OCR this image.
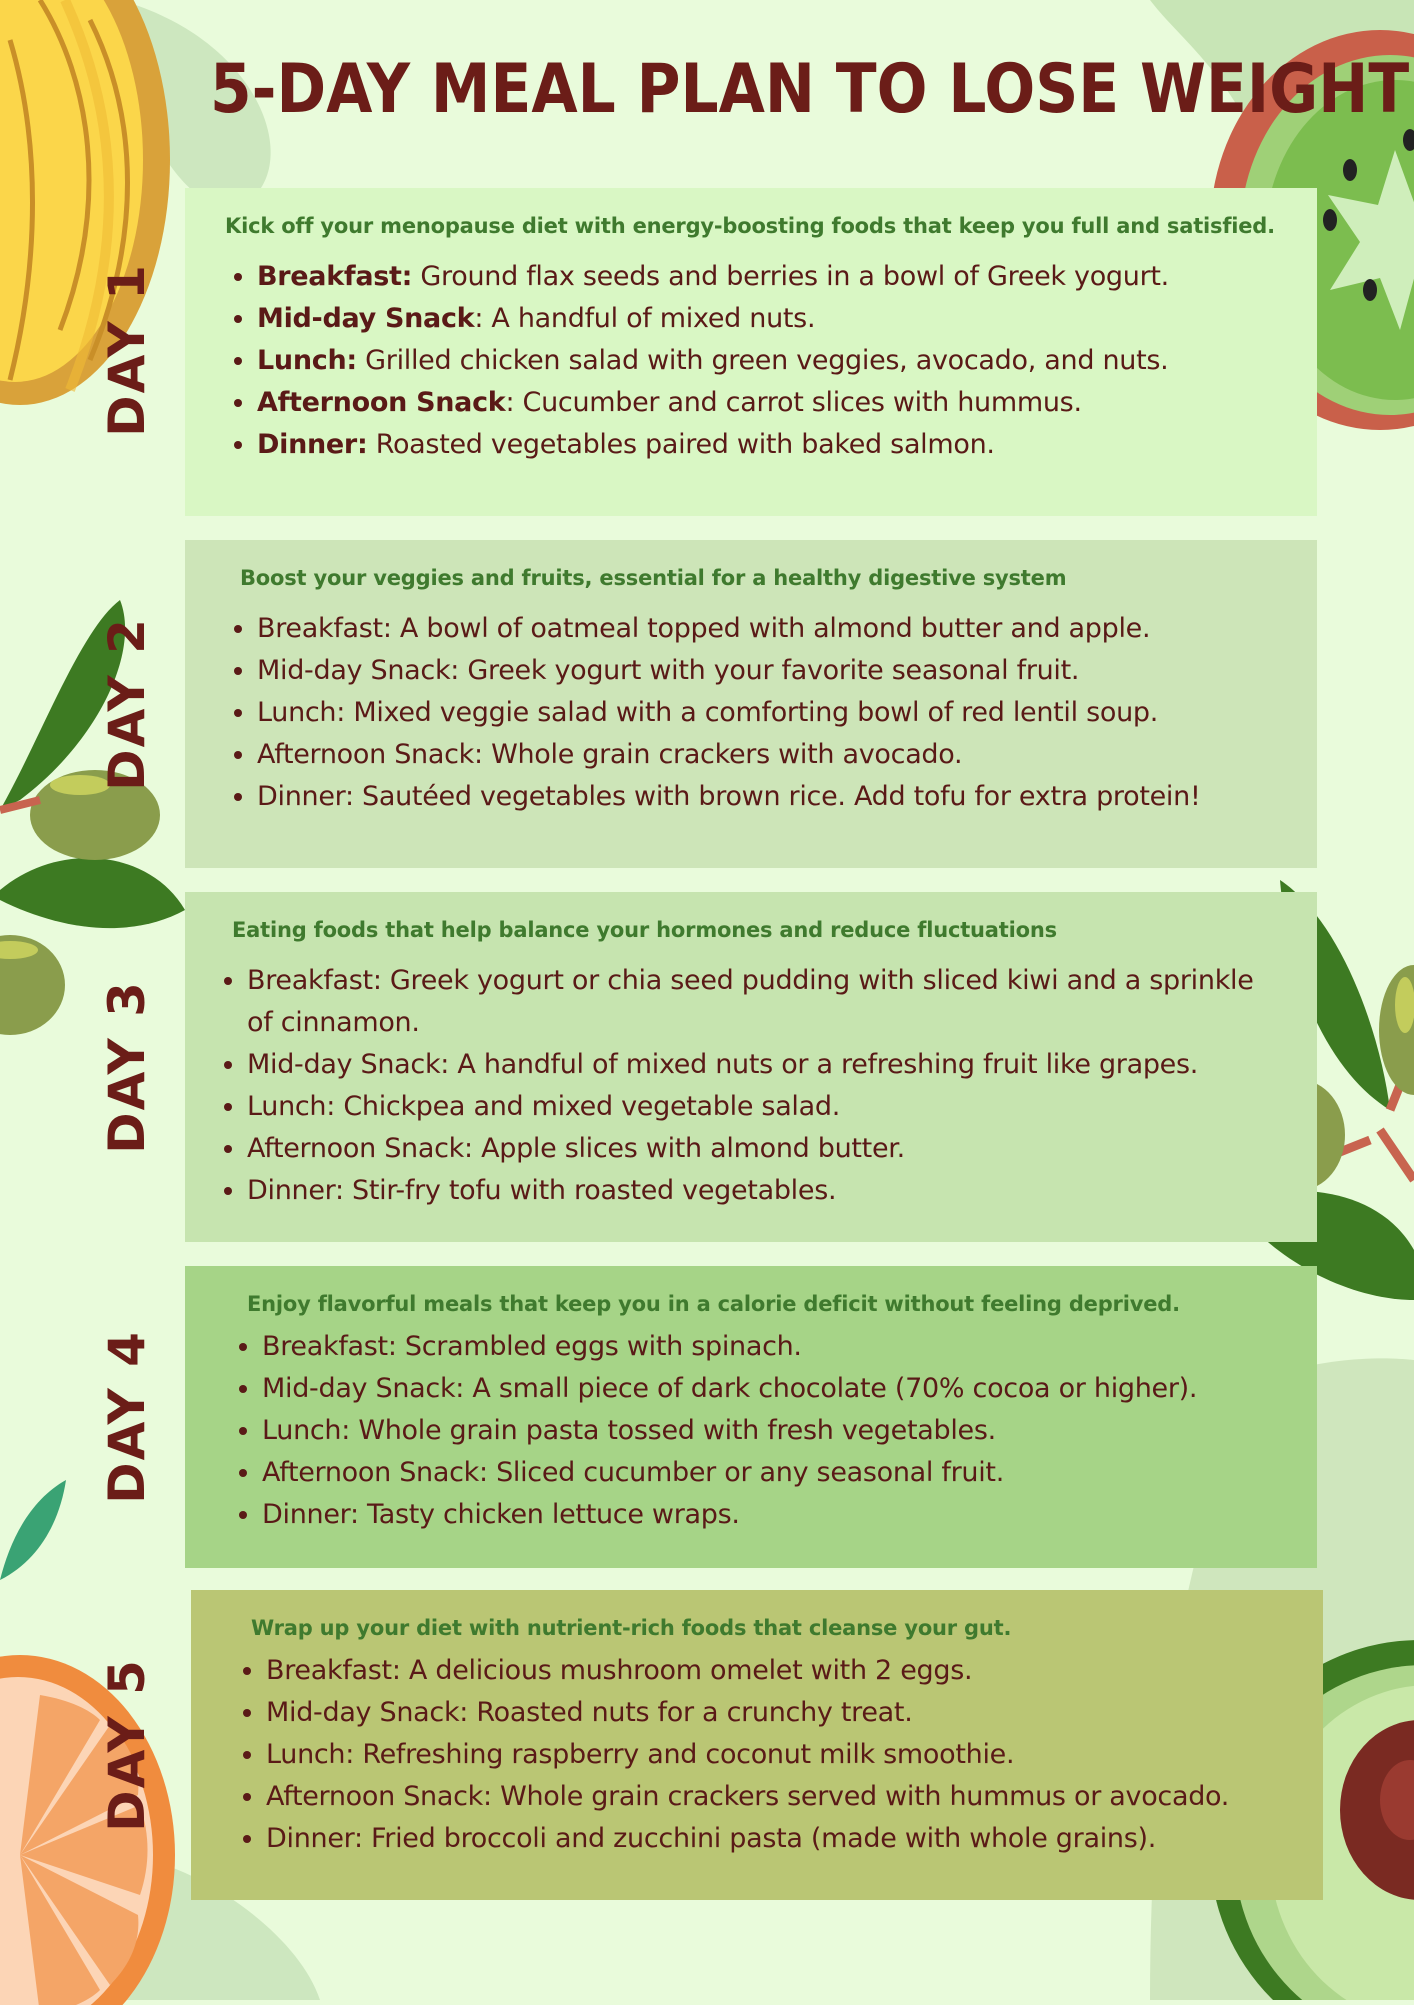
5-DAY MEAL PLAN TO LOSE WEIGHT
DAY 1

Kick off your menopause diet with energy-boosting foods that keep you full and satisfied.

• Breakfast: Ground flax seeds and berries in a bowl of Greek yogurt.
• Mid-day Snack: A handful of mixed nuts.
• Lunch: Grilled chicken salad with green veggies, avocado, and nuts.
• Afternoon Snack: Cucumber and carrot slices with hummus.
• Dinner: Roasted vegetables paired with baked salmon.
DAY 2

Boost your veggies and fruits, essential for a healthy digestive system

• Breakfast: A bowl of oatmeal topped with almond butter and apple.
• Mid-day Snack: Greek yogurt with your favorite seasonal fruit.
• Lunch: Mixed veggie salad with a comforting bowl of red lentil soup.
• Afternoon Snack: Whole grain crackers with avocado.
• Dinner: Sautéed vegetables with brown rice. Add tofu for extra protein!
DAY 3

Eating foods that help balance your hormones and reduce fluctuations

• Breakfast: Greek yogurt or chia seed pudding with sliced kiwi and a sprinkle of cinnamon.
• Mid-day Snack: A handful of mixed nuts or a refreshing fruit like grapes.
• Lunch: Chickpea and mixed vegetable salad.
• Afternoon Snack: Apple slices with almond butter.
• Dinner: Stir-fry tofu with roasted vegetables.
DAY 4

Enjoy flavorful meals that keep you in a calorie deficit without feeling deprived.

• Breakfast: Scrambled eggs with spinach.
• Mid-day Snack: A small piece of dark chocolate (70% cocoa or higher).
• Lunch: Whole grain pasta tossed with fresh vegetables.
• Afternoon Snack: Sliced cucumber or any seasonal fruit.
• Dinner: Tasty chicken lettuce wraps.
DAY 5

Wrap up your diet with nutrient-rich foods that cleanse your gut.

• Breakfast: A delicious mushroom omelet with 2 eggs.
• Mid-day Snack: Roasted nuts for a crunchy treat.
• Lunch: Refreshing raspberry and coconut milk smoothie.
• Afternoon Snack: Whole grain crackers served with hummus or avocado.
• Dinner: Fried broccoli and zucchini pasta (made with whole grains).
